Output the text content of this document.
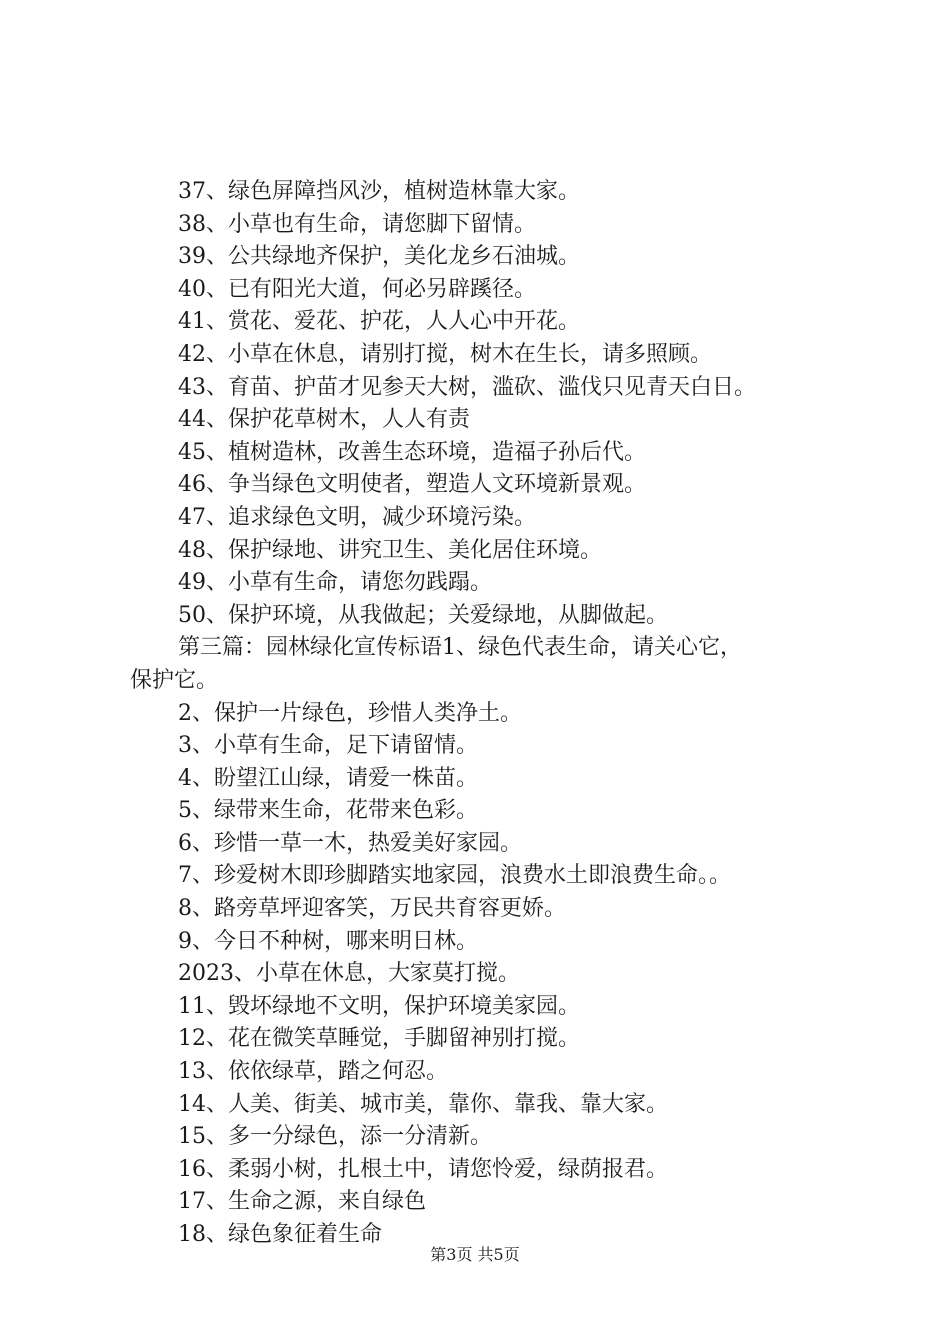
37、绿色屏障挡风沙，植树造林靠大家。
38、小草也有生命，请您脚下留情。
39、公共绿地齐保护，美化龙乡石油城。
40、已有阳光大道，何必另辟蹊径。
41、赏花、爱花、护花，人人心中开花。
42、小草在休息，请别打搅，树木在生长，请多照顾。
43、育苗、护苗才见参天大树，滥砍、滥伐只见青天白日。
44、保护花草树木，人人有责
45、植树造林，改善生态环境，造福子孙后代。
46、争当绿色文明使者，塑造人文环境新景观。
47、追求绿色文明，减少环境污染。
48、保护绿地、讲究卫生、美化居住环境。
49、小草有生命，请您勿践蹋。
50、保护环境，从我做起；关爱绿地，从脚做起。
第三篇：园林绿化宣传标语1、绿色代表生命，请关心它，
保护它。
2、保护一片绿色，珍惜人类净土。
3、小草有生命，足下请留情。
4、盼望江山绿，请爱一株苗。
5、绿带来生命，花带来色彩。
6、珍惜一草一木，热爱美好家园。
7、珍爱树木即珍脚踏实地家园，浪费水土即浪费生命。。
8、路旁草坪迎客笑，万民共育容更娇。
9、今日不种树，哪来明日林。
2023、小草在休息，大家莫打搅。
11、毁坏绿地不文明，保护环境美家园。
12、花在微笑草睡觉，手脚留神别打搅。
13、依依绿草，踏之何忍。
14、人美、街美、城市美，靠你、靠我、靠大家。
15、多一分绿色，添一分清新。
16、柔弱小树，扎根土中，请您怜爱，绿荫报君。
17、生命之源，来自绿色
18、绿色象征着生命
第3页 共5页
